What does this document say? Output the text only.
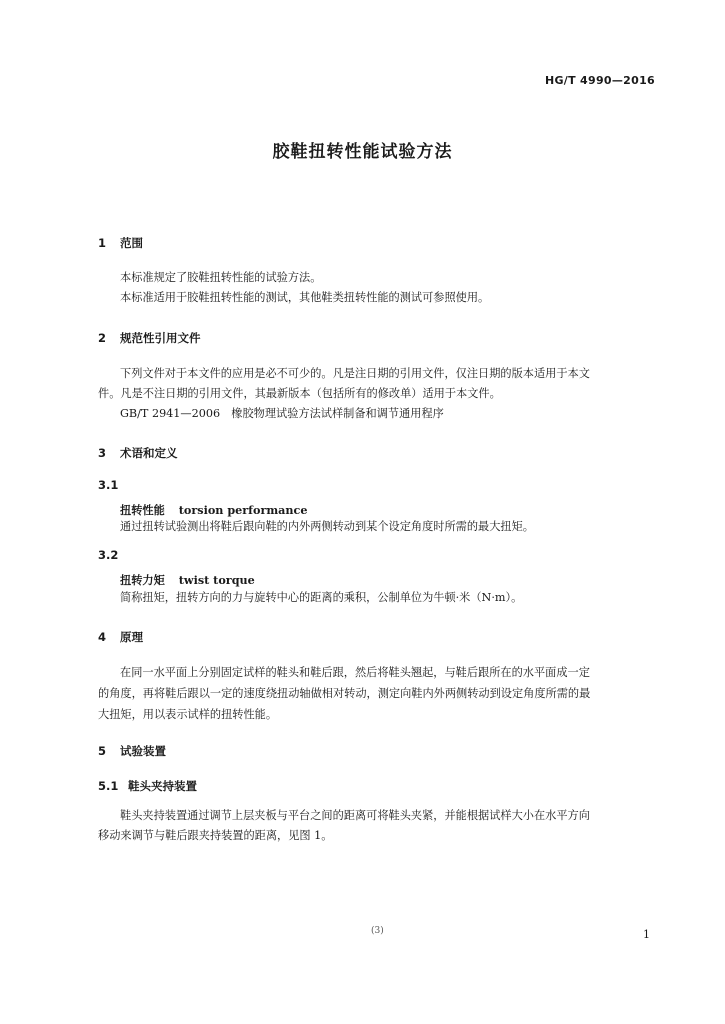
HG/T 4990—2016
胶鞋扭转性能试验方法
1 范围
本标准规定了胶鞋扭转性能的试验方法。
本标准适用于胶鞋扭转性能的测试，其他鞋类扭转性能的测试可参照使用。
2 规范性引用文件
下列文件对于本文件的应用是必不可少的。凡是注日期的引用文件，仅注日期的版本适用于本文
件。凡是不注日期的引用文件，其最新版本（包括所有的修改单）适用于本文件。
GB/T 2941—2006　橡胶物理试验方法试样制备和调节通用程序
3 术语和定义
3.1
扭转性能 torsion performance
通过扭转试验测出将鞋后跟向鞋的内外两侧转动到某个设定角度时所需的最大扭矩。
3.2
扭转力矩 twist torque
简称扭矩，扭转方向的力与旋转中心的距离的乘积，公制单位为牛顿·米（N·m）。
4 原理
在同一水平面上分别固定试样的鞋头和鞋后跟，然后将鞋头翘起，与鞋后跟所在的水平面成一定
的角度，再将鞋后跟以一定的速度绕扭动轴做相对转动，测定向鞋内外两侧转动到设定角度所需的最
大扭矩，用以表示试样的扭转性能。
5 试验装置
5.1 鞋头夹持装置
鞋头夹持装置通过调节上层夹板与平台之间的距离可将鞋头夹紧，并能根据试样大小在水平方向
移动来调节与鞋后跟夹持装置的距离，见图 1。
(3)	1
